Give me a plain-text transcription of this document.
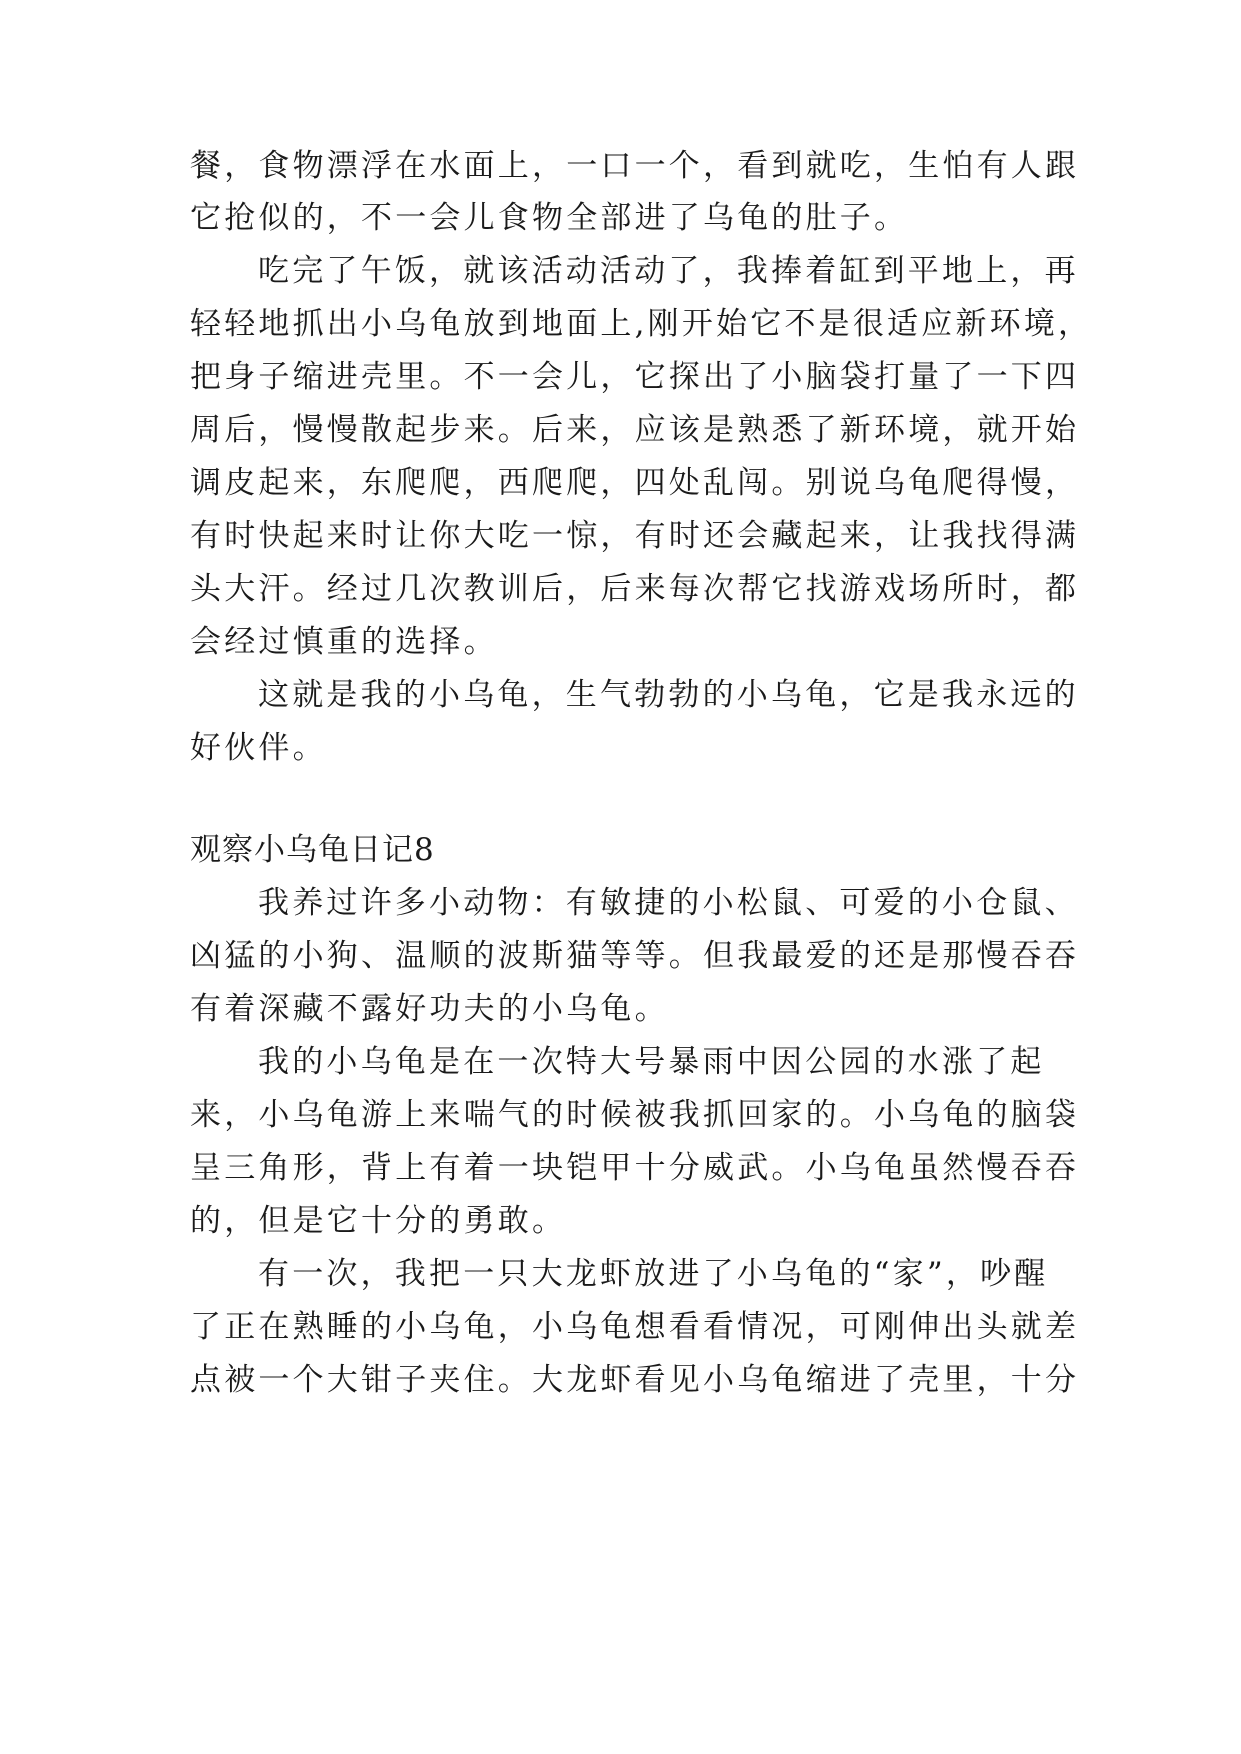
餐，食物漂浮在水面上，一口一个，看到就吃，生怕有人跟
它抢似的，不一会儿食物全部进了乌龟的肚子。
吃完了午饭，就该活动活动了，我捧着缸到平地上，再
轻轻地抓出小乌龟放到地面上,刚开始它不是很适应新环境，
把身子缩进壳里。不一会儿，它探出了小脑袋打量了一下四
周后，慢慢散起步来。后来，应该是熟悉了新环境，就开始
调皮起来，东爬爬，西爬爬，四处乱闯。别说乌龟爬得慢，
有时快起来时让你大吃一惊，有时还会藏起来，让我找得满
头大汗。经过几次教训后，后来每次帮它找游戏场所时，都
会经过慎重的选择。
这就是我的小乌龟，生气勃勃的小乌龟，它是我永远的
好伙伴。
观察小乌龟日记8
我养过许多小动物：有敏捷的小松鼠、可爱的小仓鼠、
凶猛的小狗、温顺的波斯猫等等。但我最爱的还是那慢吞吞
有着深藏不露好功夫的小乌龟。
我的小乌龟是在一次特大号暴雨中因公园的水涨了起
来，小乌龟游上来喘气的时候被我抓回家的。小乌龟的脑袋
呈三角形，背上有着一块铠甲十分威武。小乌龟虽然慢吞吞
的，但是它十分的勇敢。
有一次，我把一只大龙虾放进了小乌龟的“家”，吵醒
了正在熟睡的小乌龟，小乌龟想看看情况，可刚伸出头就差
点被一个大钳子夹住。大龙虾看见小乌龟缩进了壳里，十分
